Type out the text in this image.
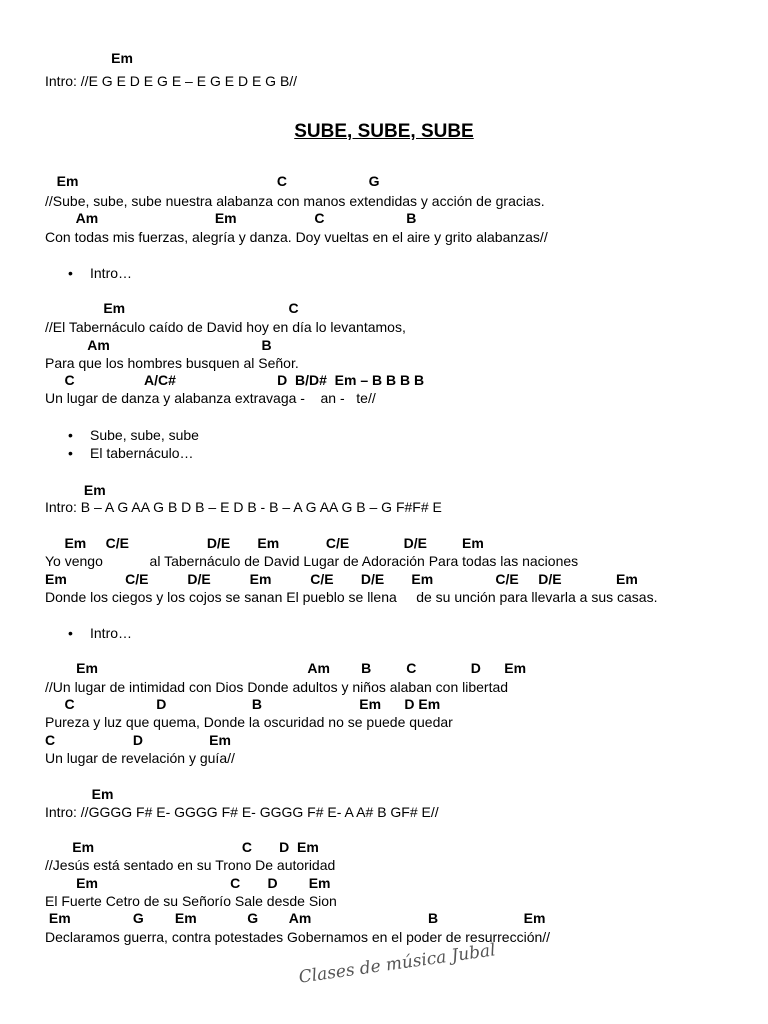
SUBE, SUBE, SUBE
Em
Intro: //E G E D E G E – E G E D E G B//
Em                                                   C                     G
//Sube, sube, sube nuestra alabanza con manos extendidas y acción de gracias.
Am                              Em                    C                     B
Con todas mis fuerzas, alegría y danza. Doy vueltas en el aire y grito alabanzas//
Em                                          C
//El Tabernáculo caído de David hoy en día lo levantamos,
Am                                       B
Para que los hombres busquen al Señor.
C                  A/C#                          D  B/D#  Em – B B B B
Un lugar de danza y alabanza extravaga -    an -   te//
Em
Intro: B – A G AA G B D B – E D B - B – A G AA G B – G F#F# E
Em     C/E                    D/E       Em            C/E              D/E         Em
Yo vengo            al Tabernáculo de David Lugar de Adoración Para todas las naciones
Em               C/E          D/E          Em          C/E       D/E       Em                C/E     D/E              Em
Donde los ciegos y los cojos se sanan El pueblo se llena     de su unción para llevarla a sus casas.
Em                                                      Am        B         C              D      Em
//Un lugar de intimidad con Dios Donde adultos y niños alaban con libertad
C                     D                      B                         Em      D Em
Pureza y luz que quema, Donde la oscuridad no se puede quedar
C                    D                 Em
Un lugar de revelación y guía//
Em
Intro: //GGGG F# E- GGGG F# E- GGGG F# E- A A# B GF# E//
Em                                      C       D  Em
//Jesús está sentado en su Trono De autoridad
Em                                  C       D        Em
El Fuerte Cetro de su Señorío Sale desde Sion
Em                G        Em             G        Am                              B                      Em
Declaramos guerra, contra potestades Gobernamos en el poder de resurrección//
• Intro…
• Sube, sube, sube
• El tabernáculo…
• Intro…
Clases de música Jubal
